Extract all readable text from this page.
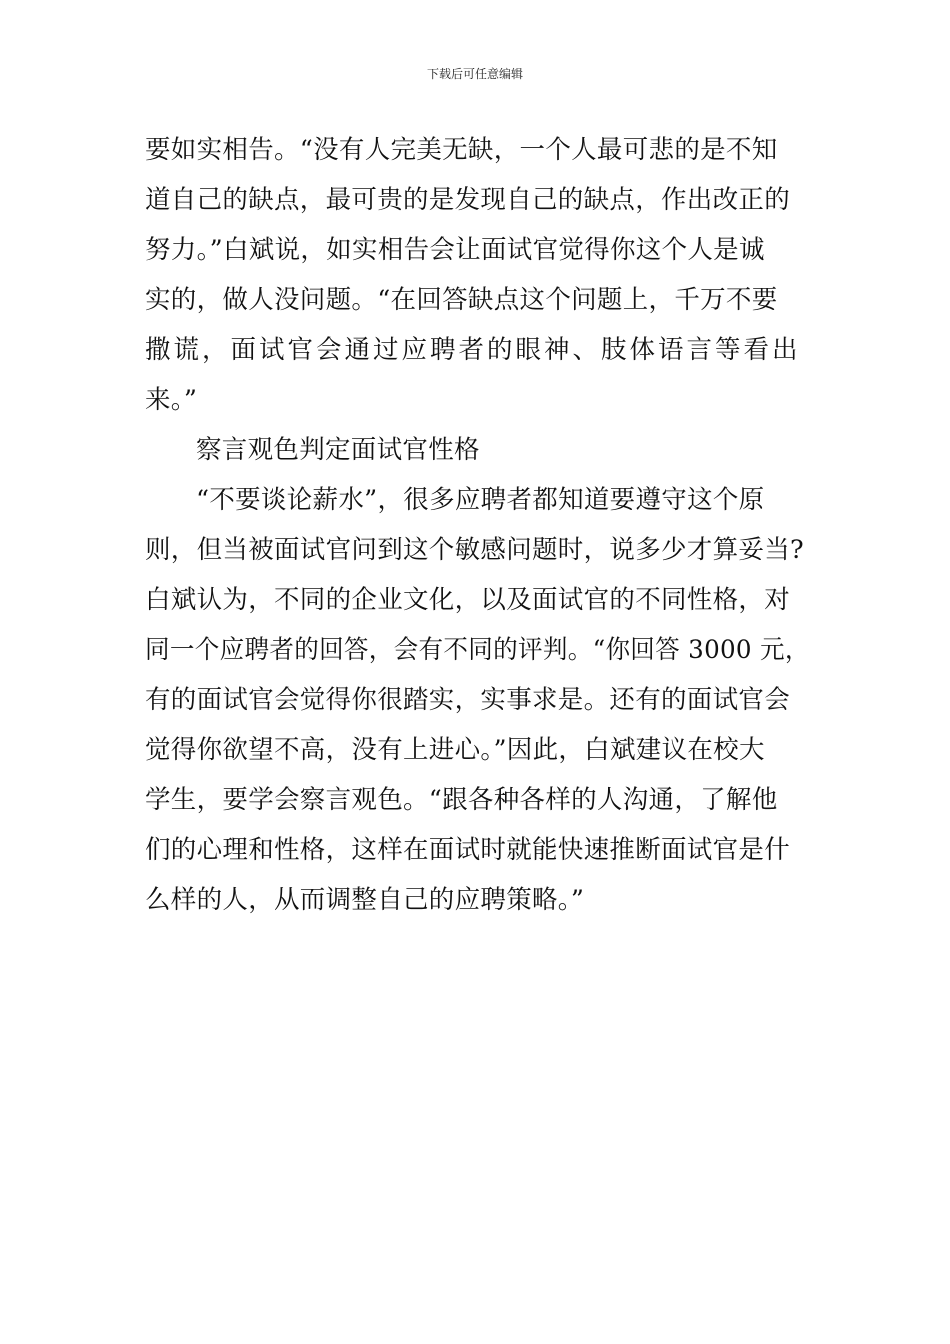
下载后可任意编辑
要如实相告。“没有人完美无缺，一个人最可悲的是不知
道自己的缺点，最可贵的是发现自己的缺点，作出改正的
努力。”白斌说，如实相告会让面试官觉得你这个人是诚
实的，做人没问题。“在回答缺点这个问题上，千万不要
撒谎，面试官会通过应聘者的眼神、肢体语言等看出
来。”
察言观色判定面试官性格
“不要谈论薪水”，很多应聘者都知道要遵守这个原
则，但当被面试官问到这个敏感问题时，说多少才算妥当?
白斌认为，不同的企业文化，以及面试官的不同性格，对
同一个应聘者的回答，会有不同的评判。“你回答 3000 元，
有的面试官会觉得你很踏实，实事求是。还有的面试官会
觉得你欲望不高，没有上进心。”因此，白斌建议在校大
学生，要学会察言观色。“跟各种各样的人沟通，了解他
们的心理和性格，这样在面试时就能快速推断面试官是什
么样的人，从而调整自己的应聘策略。”
